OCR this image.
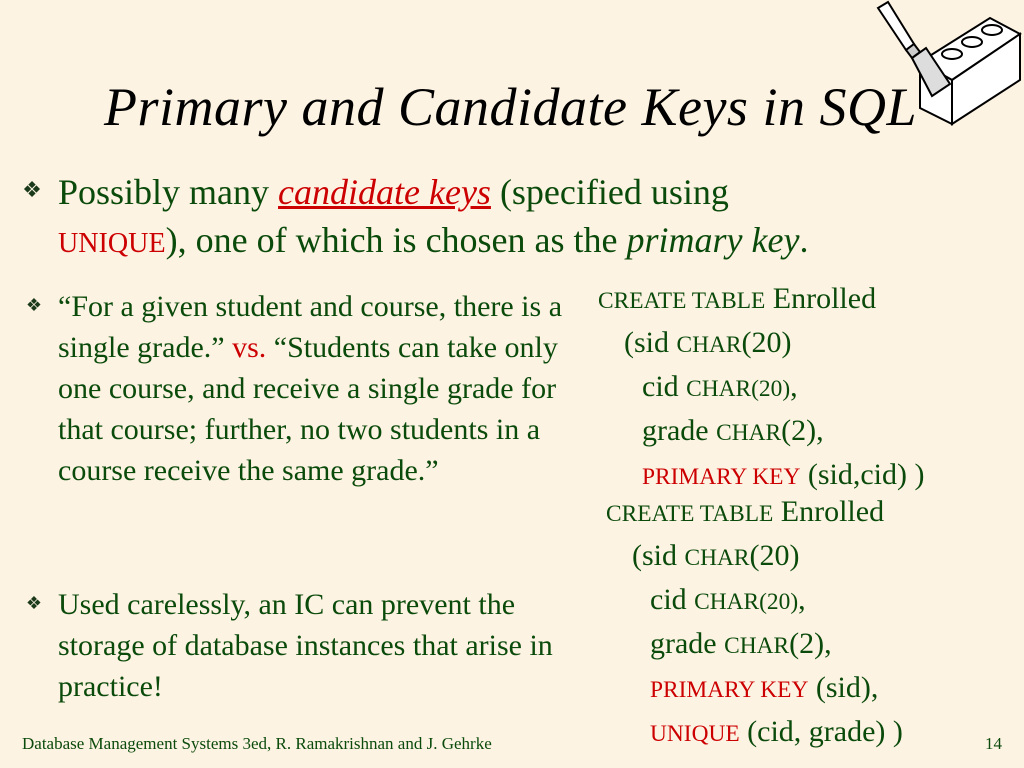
Primary and Candidate Keys in SQL
❖ Possibly many candidate keys (specified using
UNIQUE), one of which is chosen as the primary key.
❖ “For a given student and course, there is a single grade.” vs. “Students can take only one course, and receive a single grade for that course; further, no two students in a course receive the same grade.”
❖ Used carelessly, an IC can prevent the storage of database instances that arise in practice!
CREATE TABLE Enrolled
(sid CHAR(20)
cid CHAR(20),
grade CHAR(2),
PRIMARY KEY (sid,cid) )
CREATE TABLE Enrolled
(sid CHAR(20)
cid CHAR(20),
grade CHAR(2),
PRIMARY KEY (sid),
UNIQUE (cid, grade) )
Database Management Systems 3ed, R. Ramakrishnan and J. Gehrke	14
